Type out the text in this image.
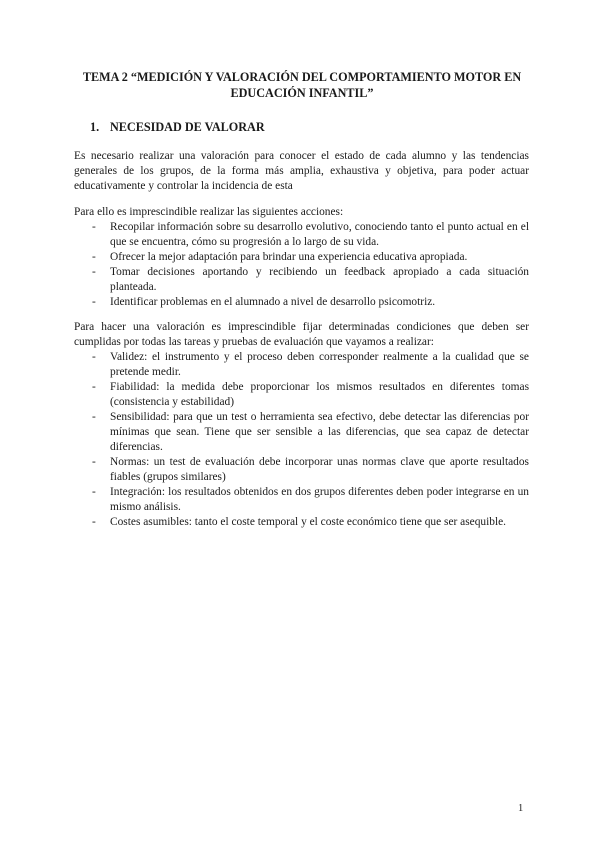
TEMA 2 “MEDICIÓN Y VALORACIÓN DEL COMPORTAMIENTO MOTOR EN EDUCACIÓN INFANTIL”
1. NECESIDAD DE VALORAR

Es necesario realizar una valoración para conocer el estado de cada alumno y las tendencias generales de los grupos, de la forma más amplia, exhaustiva y objetiva, para poder actuar educativamente y controlar la incidencia de esta

Para ello es imprescindible realizar las siguientes acciones:

-	Recopilar información sobre su desarrollo evolutivo, conociendo tanto el punto actual en el que se encuentra, cómo su progresión a lo largo de su vida.
-	Ofrecer la mejor adaptación para brindar una experiencia educativa apropiada.
-	Tomar decisiones aportando y recibiendo un feedback apropiado a cada situación planteada.
-	Identificar problemas en el alumnado a nivel de desarrollo psicomotriz.

Para hacer una valoración es imprescindible fijar determinadas condiciones que deben ser cumplidas por todas las tareas y pruebas de evaluación que vayamos a realizar:

-	Validez: el instrumento y el proceso deben corresponder realmente a la cualidad que se pretende medir.
-	Fiabilidad: la medida debe proporcionar los mismos resultados en diferentes tomas (consistencia y estabilidad)
-	Sensibilidad: para que un test o herramienta sea efectivo, debe detectar las diferencias por mínimas que sean. Tiene que ser sensible a las diferencias, que sea capaz de detectar diferencias.
-	Normas: un test de evaluación debe incorporar unas normas clave que aporte resultados fiables (grupos similares)
-	Integración: los resultados obtenidos en dos grupos diferentes deben poder integrarse en un mismo análisis.
-	Costes asumibles: tanto el coste temporal y el coste económico tiene que ser asequible.

1
